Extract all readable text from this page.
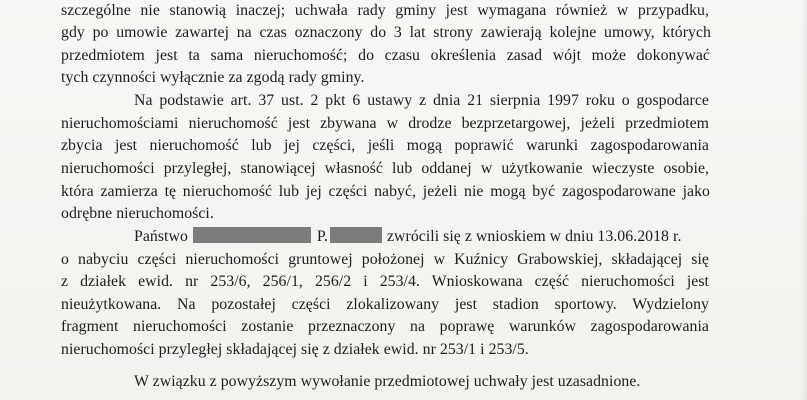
szczególne nie stanowią inaczej; uchwała rady gminy jest wymagana również w przypadku,
gdy po umowie zawartej na czas oznaczony do 3 lat strony zawierają kolejne umowy, których
przedmiotem jest ta sama nieruchomość; do czasu określenia zasad wójt może dokonywać
tych czynności wyłącznie za zgodą rady gminy.
Na podstawie art. 37 ust. 2 pkt 6 ustawy z dnia 21 sierpnia 1997 roku o gospodarce
nieruchomościami nieruchomość jest zbywana w drodze bezprzetargowej, jeżeli przedmiotem
zbycia jest nieruchomość lub jej części, jeśli mogą poprawić warunki zagospodarowania
nieruchomości przyległej, stanowiącej własność lub oddanej w użytkowanie wieczyste osobie,
która zamierza tę nieruchomość lub jej części nabyć, jeżeli nie mogą być zagospodarowane jako
odrębne nieruchomości.
Państwo	P.	zwrócili się z wnioskiem w dniu 13.06.2018 r.
o nabyciu części nieruchomości gruntowej położonej w Kuźnicy Grabowskiej, składającej się
z działek ewid. nr 253/6, 256/1, 256/2 i 253/4. Wnioskowana część nieruchomości jest
nieużytkowana. Na pozostałej części zlokalizowany jest stadion sportowy. Wydzielony
fragment nieruchomości zostanie przeznaczony na poprawę warunków zagospodarowania
nieruchomości przyległej składającej się z działek ewid. nr 253/1 i 253/5.
W związku z powyższym wywołanie przedmiotowej uchwały jest uzasadnione.
